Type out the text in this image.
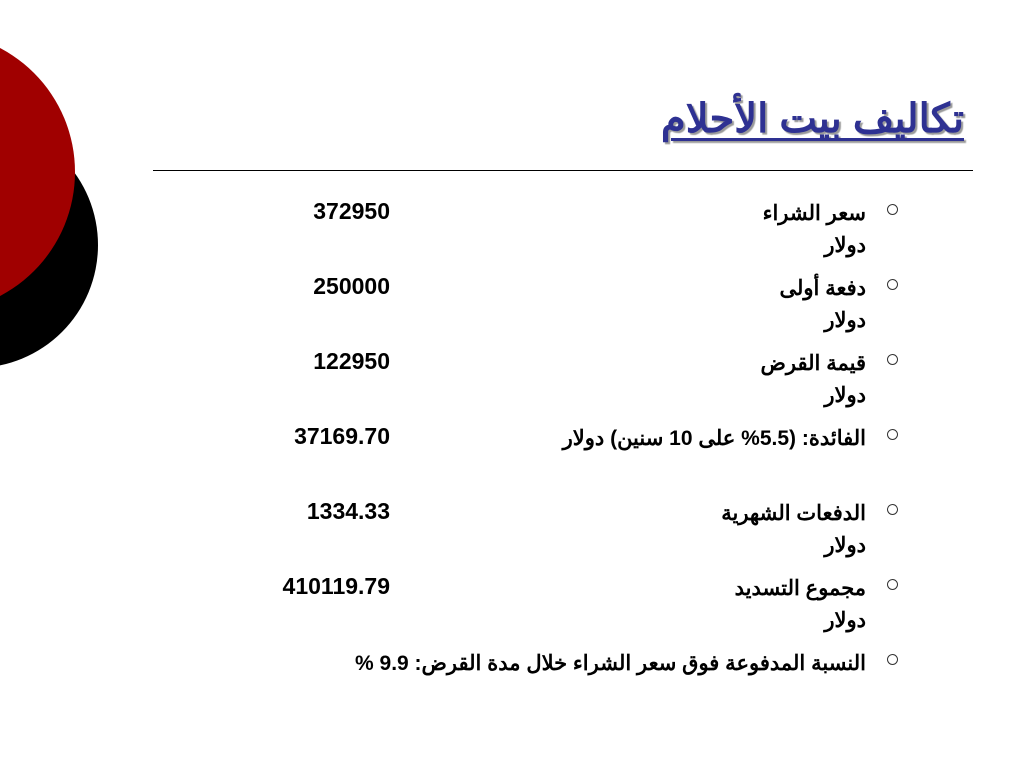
تكاليف بيت الأحلام
سعر الشراء دولار
372950
دفعة أولى دولار
250000
قيمة القرض دولار
122950
الفائدة: (5.5% على 10 سنين) دولار
37169.70
الدفعات الشهرية دولار
1334.33
مجموع التسديد دولار
410119.79
النسبة المدفوعة فوق سعر الشراء خلال مدة القرض: 9.9 %
